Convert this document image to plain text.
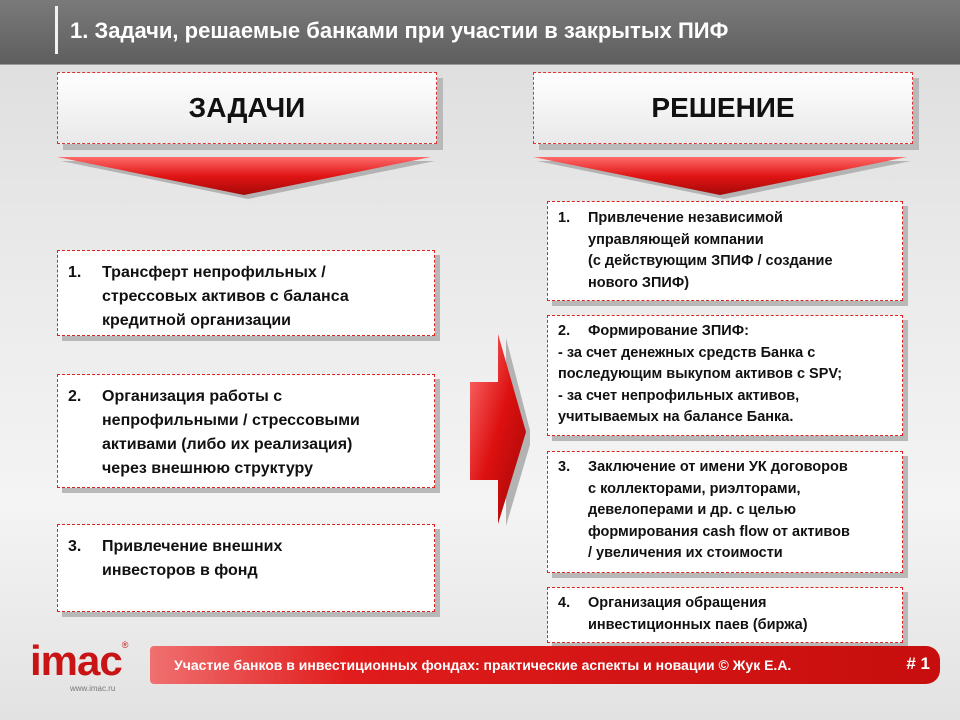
1. Задачи, решаемые банками при участии в закрытых ПИФ
ЗАДАЧИ	РЕШЕНИЕ
1.	Трансферт непрофильных /
стрессовых активов с баланса
кредитной организации
2.	Организация работы с
непрофильными / стрессовыми
активами (либо их реализация)
через внешнюю структуру
3.	Привлечение внешних
инвесторов в фонд
1.	Привлечение независимой
управляющей компании
(с действующим ЗПИФ / создание
нового ЗПИФ)
2.	Формирование ЗПИФ:
- за счет денежных средств Банка с
последующим выкупом активов с SPV;
- за счет непрофильных активов,
учитываемых на балансе Банка.
3.	Заключение от имени УК договоров
с коллекторами, риэлторами,
девелоперами и др. с целью
формирования cash flow от активов
/ увеличения их стоимости
4.	Организация обращения
инвестиционных паев (биржа)
imac®
www.imac.ru
Участие банков в инвестиционных фондах: практические аспекты и новации © Жук Е.А.	# 1
